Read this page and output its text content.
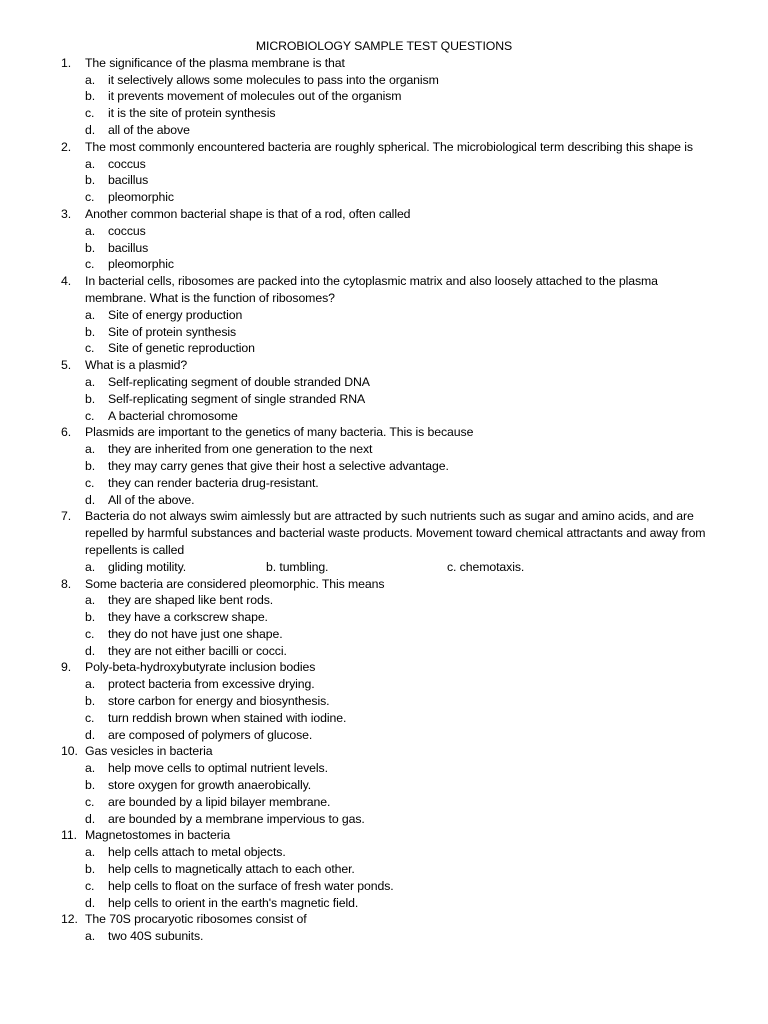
MICROBIOLOGY SAMPLE TEST QUESTIONS
1. The significance of the plasma membrane is that
a. it selectively allows some molecules to pass into the organism
b. it prevents movement of molecules out of the organism
c. it is the site of protein synthesis
d. all of the above
2. The most commonly encountered bacteria are roughly spherical. The microbiological term describing this shape is
a. coccus
b. bacillus
c. pleomorphic
3. Another common bacterial shape is that of a rod, often called
a. coccus
b. bacillus
c. pleomorphic
4. In bacterial cells, ribosomes are packed into the cytoplasmic matrix and also loosely attached to the plasma membrane. What is the function of ribosomes?
a. Site of energy production
b. Site of protein synthesis
c. Site of genetic reproduction
5. What is a plasmid?
a. Self-replicating segment of double stranded DNA
b. Self-replicating segment of single stranded RNA
c. A bacterial chromosome
6. Plasmids are important to the genetics of many bacteria. This is because
a. they are inherited from one generation to the next
b. they may carry genes that give their host a selective advantage.
c. they can render bacteria drug-resistant.
d. All of the above.
7. Bacteria do not always swim aimlessly but are attracted by such nutrients such as sugar and amino acids, and are repelled by harmful substances and bacterial waste products. Movement toward chemical attractants and away from repellents is called
a. gliding motility.	b. tumbling.	c. chemotaxis.
8. Some bacteria are considered pleomorphic. This means
a. they are shaped like bent rods.
b. they have a corkscrew shape.
c. they do not have just one shape.
d. they are not either bacilli or cocci.
9. Poly-beta-hydroxybutyrate inclusion bodies
a. protect bacteria from excessive drying.
b. store carbon for energy and biosynthesis.
c. turn reddish brown when stained with iodine.
d. are composed of polymers of glucose.
10. Gas vesicles in bacteria
a. help move cells to optimal nutrient levels.
b. store oxygen for growth anaerobically.
c. are bounded by a lipid bilayer membrane.
d. are bounded by a membrane impervious to gas.
11. Magnetostomes in bacteria
a. help cells attach to metal objects.
b. help cells to magnetically attach to each other.
c. help cells to float on the surface of fresh water ponds.
d. help cells to orient in the earth's magnetic field.
12. The 70S procaryotic ribosomes consist of
a. two 40S subunits.
